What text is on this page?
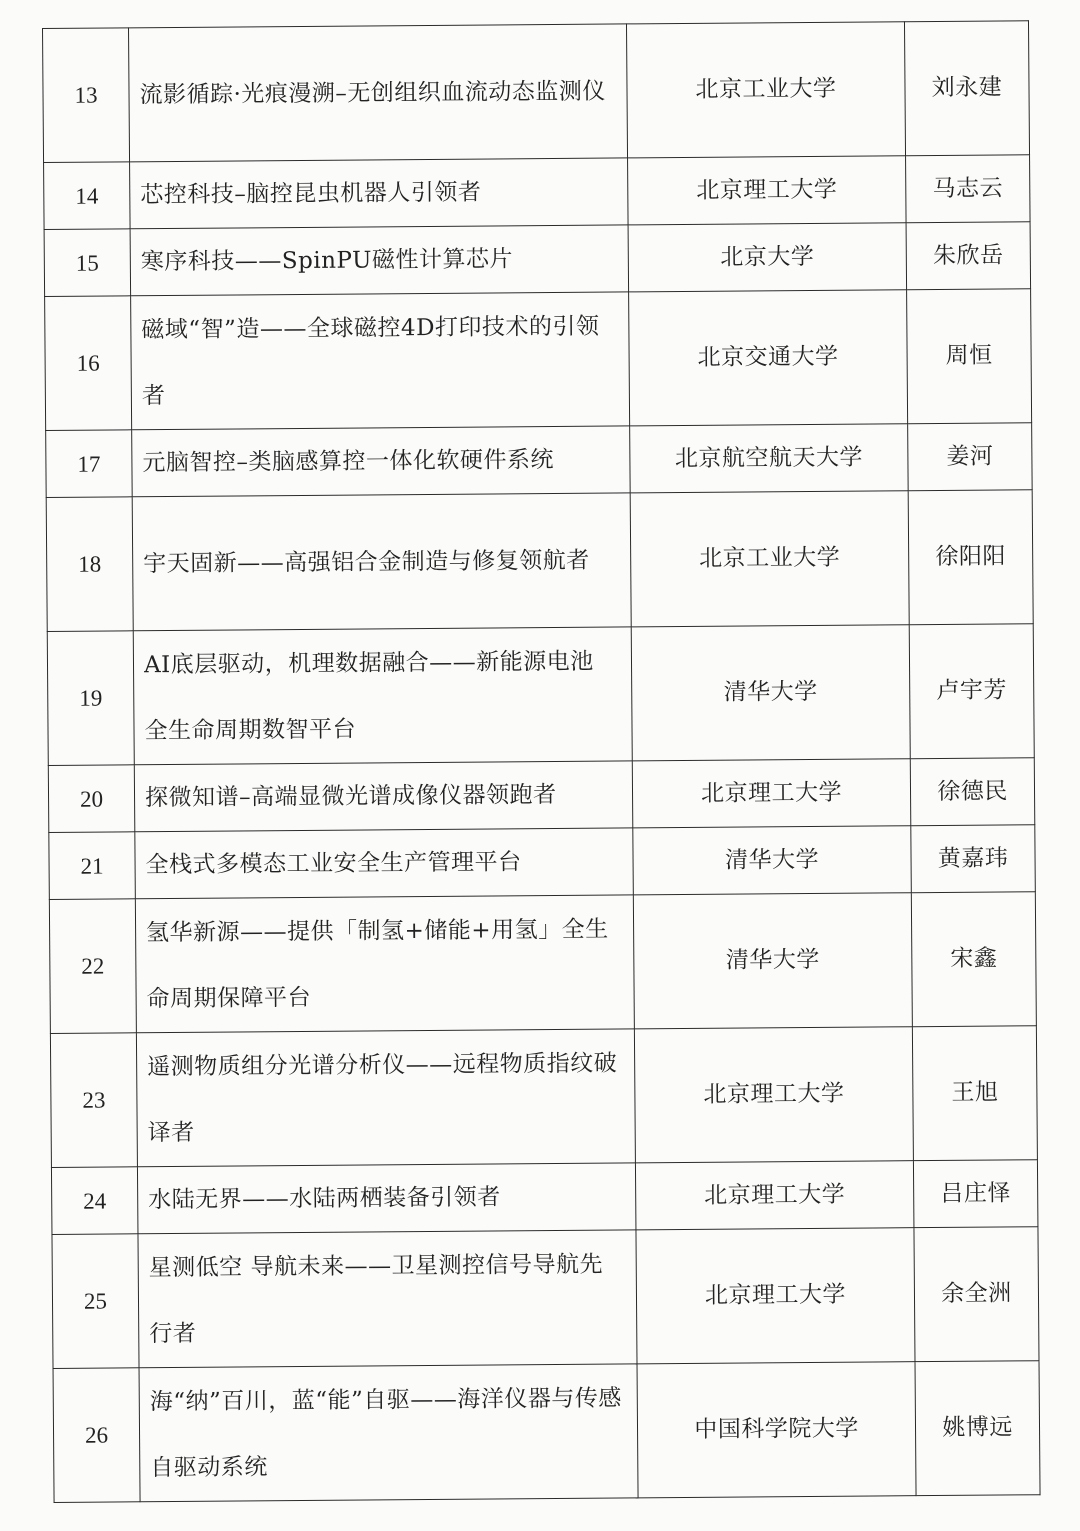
13	流影循踪·光痕漫溯–无创组织血流动态监测仪	北京工业大学	刘永建
14	芯控科技–脑控昆虫机器人引领者	北京理工大学	马志云
15	寒序科技——SpinPU磁性计算芯片	北京大学	朱欣岳
16	磁域“智”造——全球磁控4D打印技术的引领者	北京交通大学	周恒
17	元脑智控–类脑感算控一体化软硬件系统	北京航空航天大学	姜河
18	宇天固新——高强铝合金制造与修复领航者	北京工业大学	徐阳阳
19	AI底层驱动，机理数据融合——新能源电池全生命周期数智平台	清华大学	卢宇芳
20	探微知谱–高端显微光谱成像仪器领跑者	北京理工大学	徐德民
21	全栈式多模态工业安全生产管理平台	清华大学	黄嘉玮
22	氢华新源——提供「制氢+储能+用氢」全生命周期保障平台	清华大学	宋鑫
23	遥测物质组分光谱分析仪——远程物质指纹破译者	北京理工大学	王旭
24	水陆无界——水陆两栖装备引领者	北京理工大学	吕庄怿
25	星测低空 导航未来——卫星测控信号导航先行者	北京理工大学	余全洲
26	海“纳”百川，蓝“能”自驱——海洋仪器与传感自驱动系统	中国科学院大学	姚博远
